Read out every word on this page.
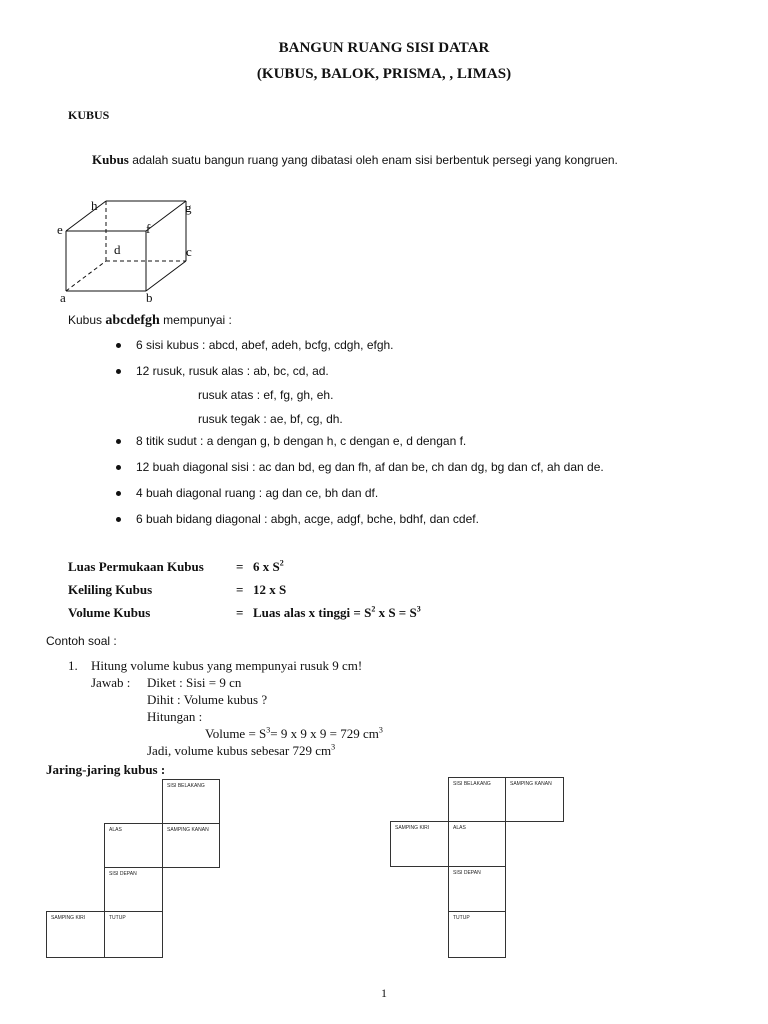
BANGUN RUANG SISI DATAR
(KUBUS, BALOK, PRISMA, , LIMAS)
KUBUS
Kubus adalah suatu bangun ruang yang dibatasi oleh enam sisi berbentuk persegi yang kongruen.
a	b
c
d
e	f
g
h
Kubus abcdefgh mempunyai :
6 sisi kubus : abcd, abef, adeh, bcfg, cdgh, efgh.
12 rusuk, rusuk alas : ab, bc, cd, ad.
rusuk atas : ef, fg, gh, eh.
rusuk tegak : ae, bf, cg, dh.
8 titik sudut : a dengan g, b dengan h, c dengan e, d dengan f.
12 buah diagonal sisi : ac dan bd, eg dan fh, af dan be, ch dan dg, bg dan cf, ah dan de.
4 buah diagonal ruang : ag dan ce, bh dan df.
6 buah bidang diagonal : abgh, acge, adgf, bche, bdhf, dan cdef.
Luas Permukaan Kubus = 6 x $S^2$
Keliling Kubus	= 12 x S
Volume Kubus	= Luas alas x tinggi = $S^2$ x $S = S^3$
Contoh soal :
1. Hitung volume kubus yang mempunyai rusuk 9 cm!
Jawab : Diket : Sisi = 9 cn
Dihit : Volume kubus ?
Hitungan :
Volume = $S^3= 9$ x 9 x 9 = 729 $cm^3$
Jadi, volume kubus sebesar 729 $cm^3$
Jaring-jaring kubus :
SISI BELAKANG
ALAS	SAMPING KANAN
SISI DEPAN
SAMPING KIRI	TUTUP
SISI BELAKANG	SAMPING KANAN
SAMPING KIRI	ALAS
SISI DEPAN
TUTUP
1
